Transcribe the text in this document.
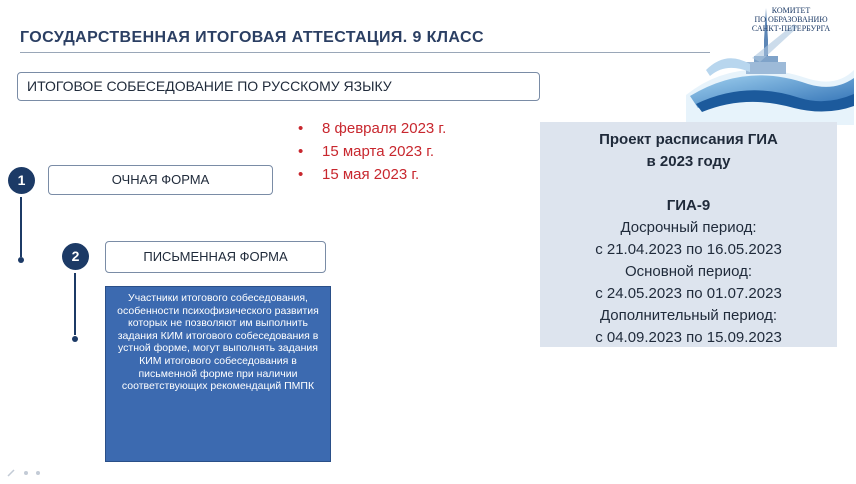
ГОСУДАРСТВЕННАЯ ИТОГОВАЯ АТТЕСТАЦИЯ. 9 КЛАСС
КОМИТЕТ
ПО ОБРАЗОВАНИЮ
САНКТ-ПЕТЕРБУРГА
ИТОГОВОЕ СОБЕСЕДОВАНИЕ ПО РУССКОМУ ЯЗЫКУ
1	ОЧНАЯ ФОРМА
2	ПИСЬМЕННАЯ ФОРМА
• 8 февраля 2023 г.
• 15 марта 2023 г.
• 15 мая 2023 г.
Участники итогового собеседования, особенности психофизического развития которых не позволяют им выполнить задания КИМ итогового собеседования в устной форме, могут выполнять задания КИМ итогового собеседования в письменной форме при наличии соответствующих рекомендаций ПМПК
Проект расписания ГИА
в 2023 году
ГИА-9
Досрочный период:
с 21.04.2023 по 16.05.2023
Основной период:
с 24.05.2023 по 01.07.2023
Дополнительный период:
с 04.09.2023 по 15.09.2023
